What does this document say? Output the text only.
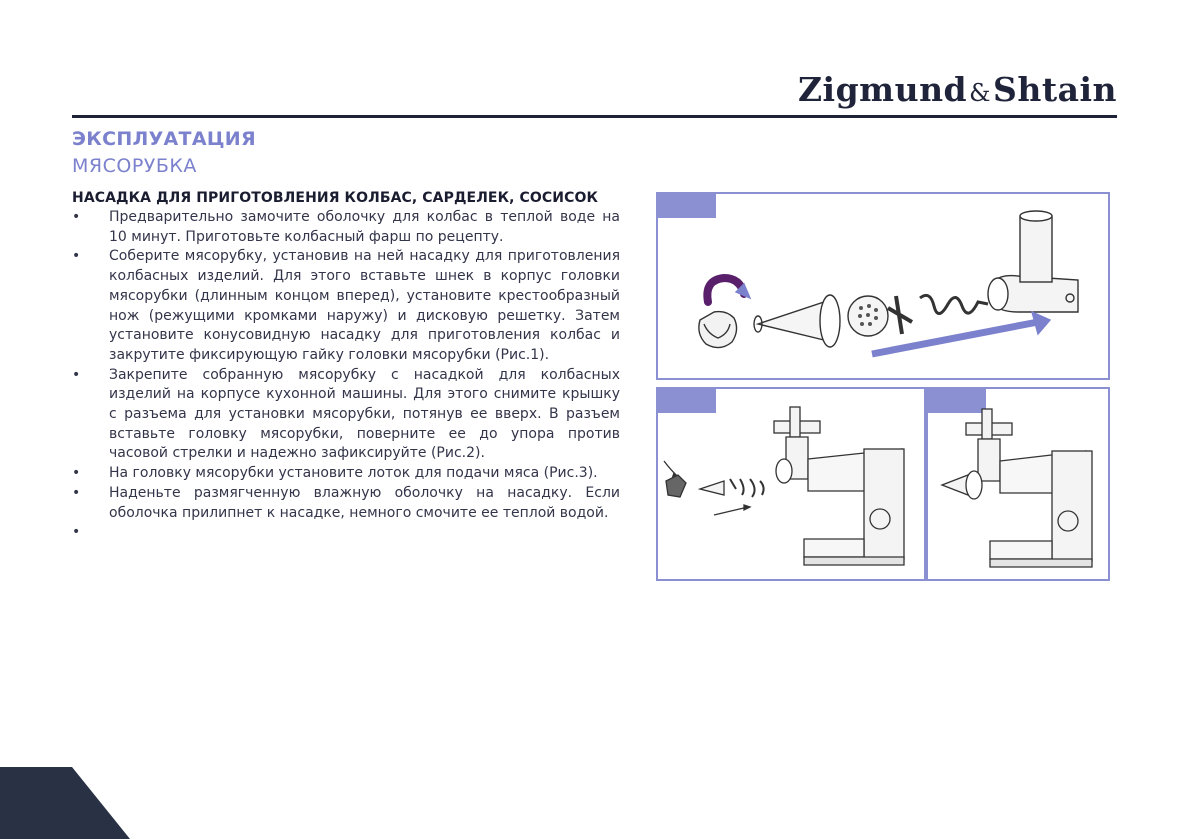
Zigmund&Shtain
ЭКСПЛУАТАЦИЯ
МЯСОРУБКА
НАСАДКА ДЛЯ ПРИГОТОВЛЕНИЯ КОЛБАС, САРДЕЛЕК, СОСИСОК
• Предварительно замочите оболочку для колбас в теплой воде на 10 минут. Приготовьте колбасный фарш по рецепту.
• Соберите мясорубку, установив на ней насадку для приготовления колбасных изделий. Для этого вставьте шнек в корпус головки мясорубки (длинным концом вперед), установите крестообразный нож (режущими кромками наружу) и дисковую решетку. Затем установите конусовидную насадку для приготовления колбас и закрутите фиксирующую гайку головки мясорубки (Рис.1).
• Закрепите собранную мясорубку с насадкой для колбасных изделий на корпусе кухонной машины. Для этого снимите крышку с разъема для установки мясорубки, потянув ее вверх. В разъем вставьте головку мясорубки, поверните ее до упора против часовой стрелки и надежно зафиксируйте (Рис.2).
• На головку мясорубки установите лоток для подачи мяса (Рис.3).
• Наденьте размягченную влажную оболочку на насадку. Если оболочка прилипнет к насадке, немного смочите ее теплой водой.
•
